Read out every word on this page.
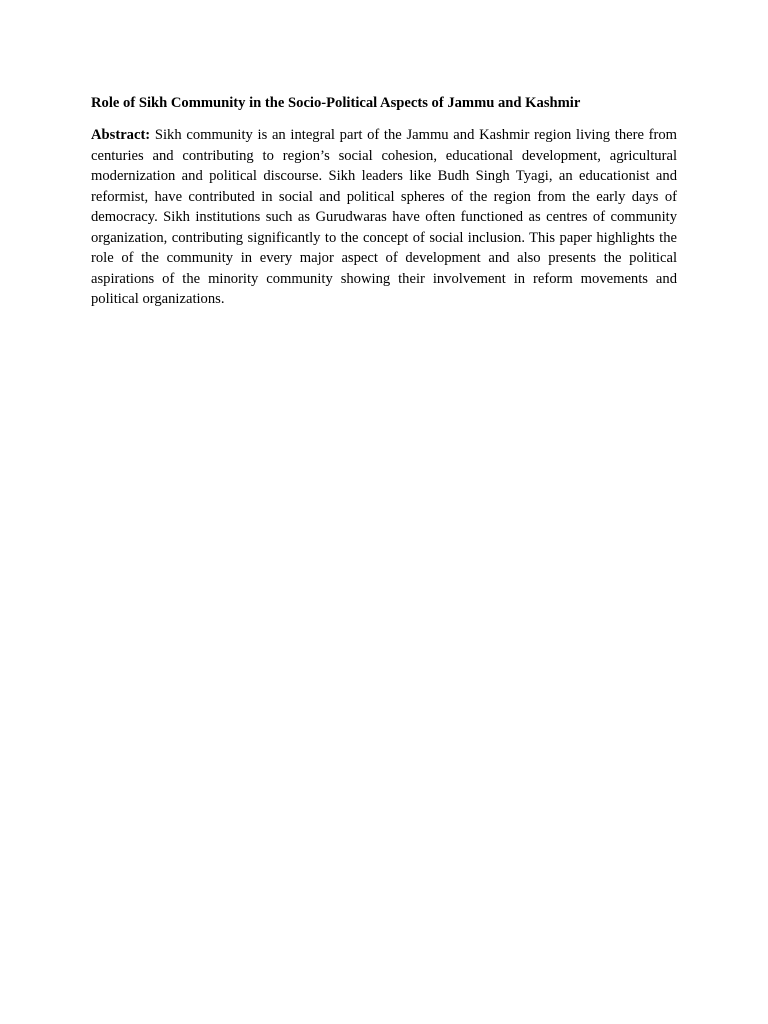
Role of Sikh Community in the Socio-Political Aspects of Jammu and Kashmir

Abstract: Sikh community is an integral part of the Jammu and Kashmir region living there from centuries and contributing to region’s social cohesion, educational development, agricultural modernization and political discourse. Sikh leaders like Budh Singh Tyagi, an educationist and reformist, have contributed in social and political spheres of the region from the early days of democracy. Sikh institutions such as Gurudwaras have often functioned as centres of community organization, contributing significantly to the concept of social inclusion. This paper highlights the role of the community in every major aspect of development and also presents the political aspirations of the minority community showing their involvement in reform movements and political organizations.
